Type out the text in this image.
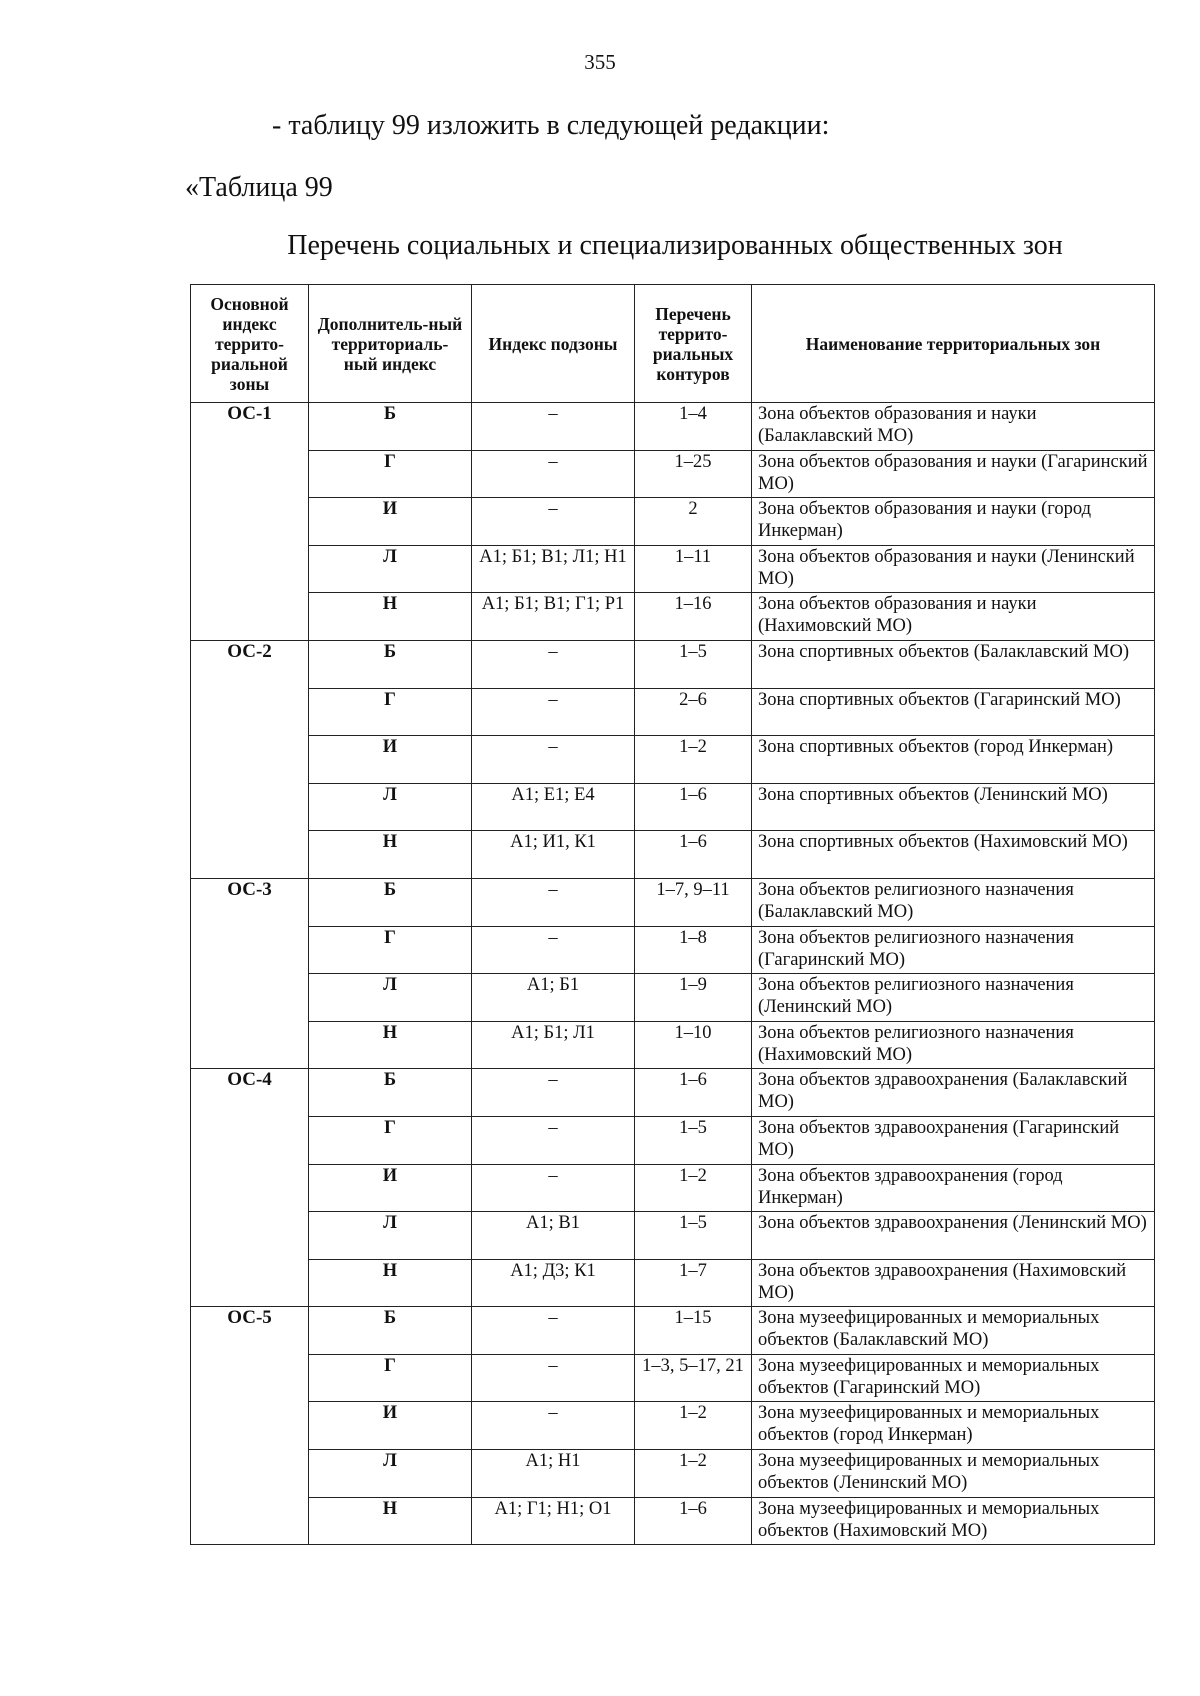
355
- таблицу 99 изложить в следующей редакции:
«Таблица 99
Перечень социальных и специализированных общественных зон
Основной индекс террито-риальной зоны	Дополнитель-ный территориаль-ный индекс	Индекс подзоны	Перечень террито-риальных контуров	Наименование территориальных зон
ОС-1	Б	–	1–4	Зона объектов образования и науки (Балаклавский МО)
	Г	–	1–25	Зона объектов образования и науки (Гагаринский МО)
	И	–	2	Зона объектов образования и науки (город Инкерман)
	Л	А1; Б1; В1; Л1; Н1	1–11	Зона объектов образования и науки (Ленинский МО)
	Н	А1; Б1; В1; Г1; Р1	1–16	Зона объектов образования и науки (Нахимовский МО)
ОС-2	Б	–	1–5	Зона спортивных объектов (Балаклавский МО)
	Г	–	2–6	Зона спортивных объектов (Гагаринский МО)
	И	–	1–2	Зона спортивных объектов (город Инкерман)
	Л	А1; Е1; Е4	1–6	Зона спортивных объектов (Ленинский МО)
	Н	А1; И1, К1	1–6	Зона спортивных объектов (Нахимовский МО)
ОС-3	Б	–	1–7, 9–11	Зона объектов религиозного назначения (Балаклавский МО)
	Г	–	1–8	Зона объектов религиозного назначения (Гагаринский МО)
	Л	А1; Б1	1–9	Зона объектов религиозного назначения (Ленинский МО)
	Н	А1; Б1; Л1	1–10	Зона объектов религиозного назначения (Нахимовский МО)
ОС-4	Б	–	1–6	Зона объектов здравоохранения (Балаклавский МО)
	Г	–	1–5	Зона объектов здравоохранения (Гагаринский МО)
	И	–	1–2	Зона объектов здравоохранения (город Инкерман)
	Л	А1; В1	1–5	Зона объектов здравоохранения (Ленинский МО)
	Н	А1; Д3; К1	1–7	Зона объектов здравоохранения (Нахимовский МО)
ОС-5	Б	–	1–15	Зона музеефицированных и мемориальных объектов (Балаклавский МО)
	Г	–	1–3, 5–17, 21	Зона музеефицированных и мемориальных объектов (Гагаринский МО)
	И	–	1–2	Зона музеефицированных и мемориальных объектов (город Инкерман)
	Л	А1; Н1	1–2	Зона музеефицированных и мемориальных объектов (Ленинский МО)
	Н	А1; Г1; Н1; О1	1–6	Зона музеефицированных и мемориальных объектов (Нахимовский МО)
